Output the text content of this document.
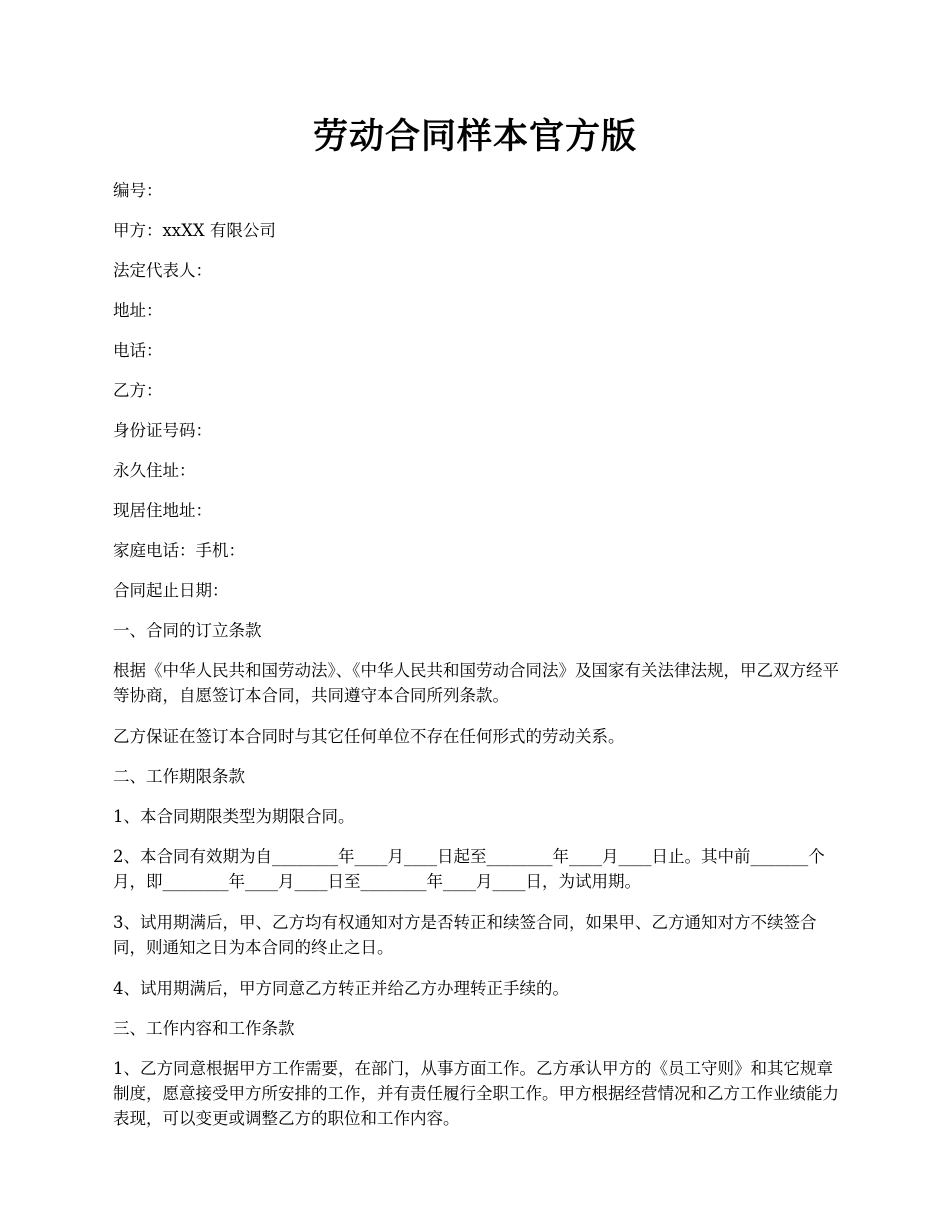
劳动合同样本官方版
编号：
甲方：xxXX 有限公司
法定代表人：
地址：
电话：
乙方：
身份证号码：
永久住址：
现居住地址：
家庭电话：手机：
合同起止日期：
一、合同的订立条款
根据《中华人民共和国劳动法》、《中华人民共和国劳动合同法》及国家有关法律法规，甲乙双方经平等协商，自愿签订本合同，共同遵守本合同所列条款。
乙方保证在签订本合同时与其它任何单位不存在任何形式的劳动关系。
二、工作期限条款
1、本合同期限类型为期限合同。
2、本合同有效期为自________年____月____日起至________年____月____日止。其中前_______个月，即________年____月____日至________年____月____日，为试用期。
3、试用期满后，甲、乙方均有权通知对方是否转正和续签合同，如果甲、乙方通知对方不续签合同，则通知之日为本合同的终止之日。
4、试用期满后，甲方同意乙方转正并给乙方办理转正手续的。
三、工作内容和工作条款
1、乙方同意根据甲方工作需要，在部门，从事方面工作。乙方承认甲方的《员工守则》和其它规章制度，愿意接受甲方所安排的工作，并有责任履行全职工作。甲方根据经营情况和乙方工作业绩能力表现，可以变更或调整乙方的职位和工作内容。
